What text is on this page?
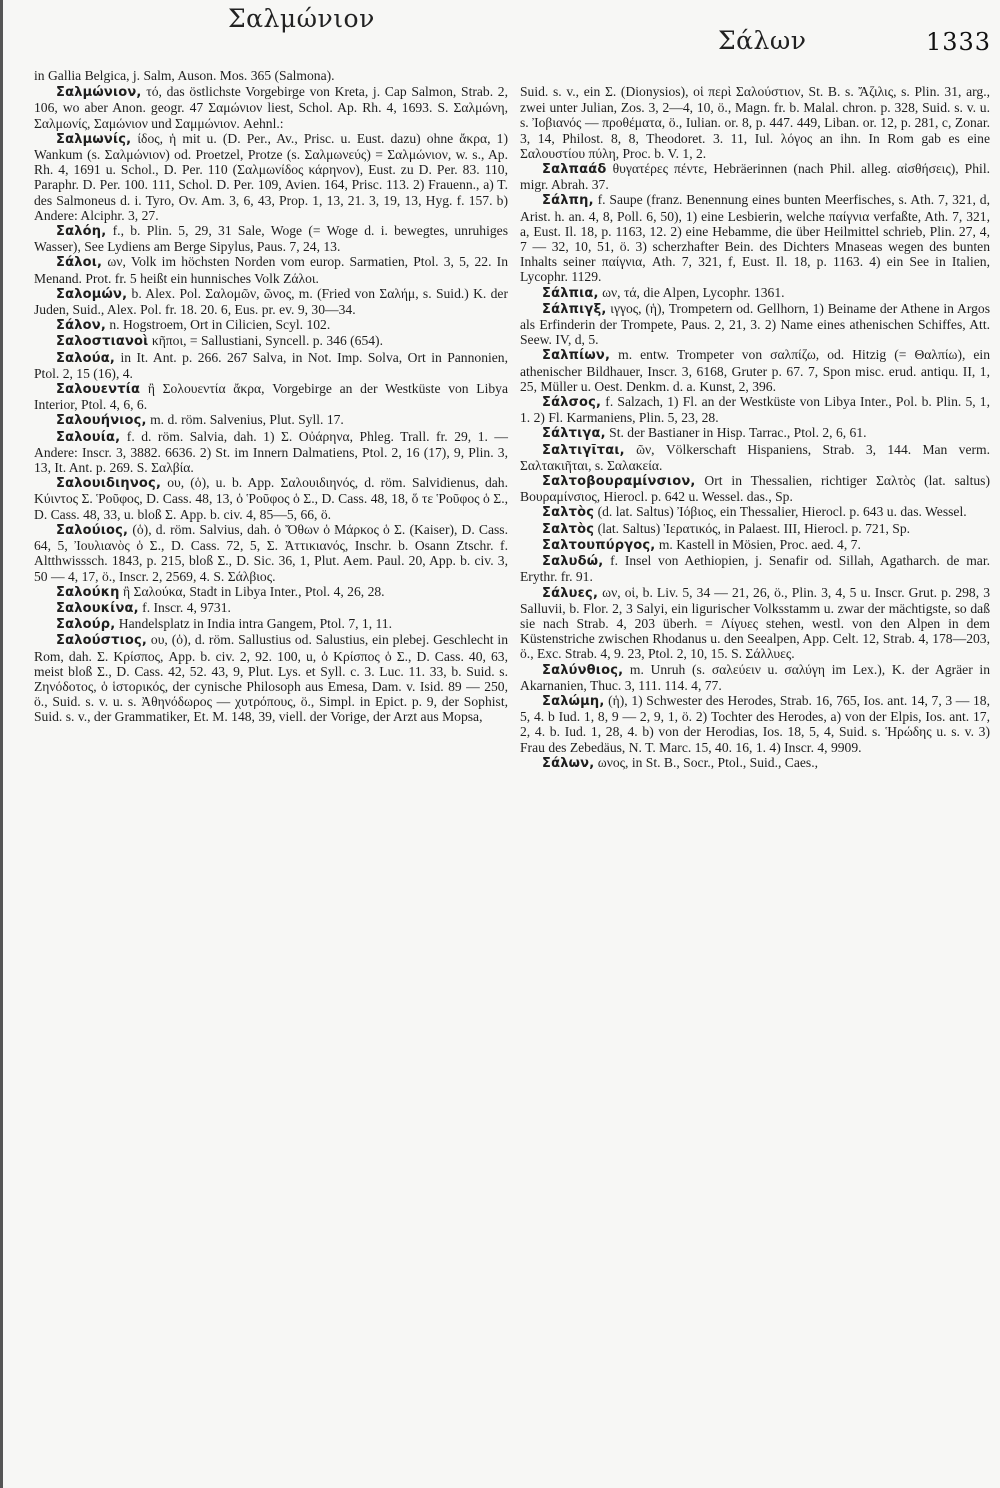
Σαλμώνιον
Σάλων	1333

in Gallia Belgica, j. Salm, Auson. Mos. 365 (Salmona).

Σαλμώνιον, τό, das östlichste Vorgebirge von Kreta, j. Cap Salmon, Strab. 2, 106, wo aber Anon. geogr. 47 Σαμώνιον liest, Schol. Ap. Rh. 4, 1693. S. Σαλμώνη, Σαλμωνίς, Σαμώνιον und Σαμμώνιον. Aehnl.:

Σαλμωνίς, ίδος, ἡ mit u. (D. Per., Av., Prisc. u. Eust. dazu) ohne ἄκρα, 1) Wankum (s. Σαλμώνιον) od. Proetzel, Protze (s. Σαλμωνεύς) = Σαλμώνιον, w. s., Ap. Rh. 4, 1691 u. Schol., D. Per. 110 (Σαλμωνίδος κάρηνον), Eust. zu D. Per. 83. 110, Paraphr. D. Per. 100. 111, Schol. D. Per. 109, Avien. 164, Prisc. 113. 2) Frauenn., a) T. des Salmoneus d. i. Tyro, Ov. Am. 3, 6, 43, Prop. 1, 13, 21. 3, 19, 13, Hyg. f. 157. b) Andere: Alciphr. 3, 27.

Σαλόη, f., b. Plin. 5, 29, 31 Sale, Woge (= Woge d. i. bewegtes, unruhiges Wasser), See Lydiens am Berge Sipylus, Paus. 7, 24, 13.

Σάλοι, ων, Volk im höchsten Norden vom europ. Sarmatien, Ptol. 3, 5, 22. In Menand. Prot. fr. 5 heißt ein hunnisches Volk Ζάλοι.

Σαλομών, b. Alex. Pol. Σαλομῶν, ῶνος, m. (Fried von Σαλήμ, s. Suid.) K. der Juden, Suid., Alex. Pol. fr. 18. 20. 6, Eus. pr. ev. 9, 30—34.

Σάλον, n. Hogstroem, Ort in Cilicien, Scyl. 102.

Σαλοστιανοὶ κῆποι, = Sallustiani, Syncell. p. 346 (654).

Σαλούα, in It. Ant. p. 266. 267 Salva, in Not. Imp. Solva, Ort in Pannonien, Ptol. 2, 15 (16), 4.

Σαλουεντία ἢ Σολουεντία ἄκρα, Vorgebirge an der Westküste von Libya Interior, Ptol. 4, 6, 6.

Σαλουήνιος, m. d. röm. Salvenius, Plut. Syll. 17.

Σαλουία, f. d. röm. Salvia, dah. 1) Σ. Οὐάρηνα, Phleg. Trall. fr. 29, 1. — Andere: Inscr. 3, 3882. 6636. 2) St. im Innern Dalmatiens, Ptol. 2, 16 (17), 9, Plin. 3, 13, It. Ant. p. 269. S. Σαλβία.

Σαλουιδιηνος, ου, (ὁ), u. b. App. Σαλουιδιηνός, d. röm. Salvidienus, dah. Κύιντος Σ. Ῥοῦφος, D. Cass. 48, 13, ὁ Ῥοῦφος ὁ Σ., D. Cass. 48, 18, ὅ τε Ῥοῦφος ὁ Σ., D. Cass. 48, 33, u. bloß Σ. App. b. civ. 4, 85—5, 66, ö.

Σαλούιος, (ὁ), d. röm. Salvius, dah. ὁ Ὄθων ὁ Μάρκος ὁ Σ. (Kaiser), D. Cass. 64, 5, Ἰουλιανὸς ὁ Σ., D. Cass. 72, 5, Σ. Ἀττικιανός, Inschr. b. Osann Ztschr. f. Altthwisssch. 1843, p. 215, bloß Σ., D. Sic. 36, 1, Plut. Aem. Paul. 20, App. b. civ. 3, 50 — 4, 17, ö., Inscr. 2, 2569, 4. S. Σάλβιος.

Σαλούκη ἢ Σαλούκα, Stadt in Libya Inter., Ptol. 4, 26, 28.

Σαλουκίνα, f. Inscr. 4, 9731.

Σαλούρ, Handelsplatz in India intra Gangem, Ptol. 7, 1, 11.

Σαλούστιος, ου, (ὁ), d. röm. Sallustius od. Salustius, ein plebej. Geschlecht in Rom, dah. Σ. Κρίσπος, App. b. civ. 2, 92. 100, u, ὁ Κρίσπος ὁ Σ., D. Cass. 40, 63, meist bloß Σ., D. Cass. 42, 52. 43, 9, Plut. Lys. et Syll. c. 3. Luc. 11. 33, b. Suid. s. Ζηνόδοτος, ὁ ἱστορικός, der cynische Philosoph aus Emesa, Dam. v. Isid. 89 — 250, ö., Suid. s. v. u. s. Ἀθηνόδωρος — χυτρόπους, ö., Simpl. in Epict. p. 9, der Sophist, Suid. s. v., der Grammatiker, Et. M. 148, 39, viell. der Vorige, der Arzt aus Mopsa,

Suid. s. v., ein Σ. (Dionysios), οἱ περὶ Σαλούστιον, St. B. s. Ἄζιλις, s. Plin. 31, arg., zwei unter Julian, Zos. 3, 2—4, 10, ö., Magn. fr. b. Malal. chron. p. 328, Suid. s. v. u. s. Ἰοβιανός — προθέματα, ö., Iulian. or. 8, p. 447. 449, Liban. or. 12, p. 281, c, Zonar. 3, 14, Philost. 8, 8, Theodoret. 3. 11, Iul. λόγος an ihn. In Rom gab es eine Σαλουστίου πύλη, Proc. b. V. 1, 2.

Σαλπαάδ θυγατέρες πέντε, Hebräerinnen (nach Phil. alleg. αἰσθήσεις), Phil. migr. Abrah. 37.

Σάλπη, f. Saupe (franz. Benennung eines bunten Meerfisches, s. Ath. 7, 321, d, Arist. h. an. 4, 8, Poll. 6, 50), 1) eine Lesbierin, welche παίγνια verfaßte, Ath. 7, 321, a, Eust. Il. 18, p. 1163, 12. 2) eine Hebamme, die über Heilmittel schrieb, Plin. 27, 4, 7 — 32, 10, 51, ö. 3) scherzhafter Bein. des Dichters Mnaseas wegen des bunten Inhalts seiner παίγνια, Ath. 7, 321, f, Eust. Il. 18, p. 1163. 4) ein See in Italien, Lycophr. 1129.

Σάλπια, ων, τά, die Alpen, Lycophr. 1361.

Σάλπιγξ, ιγγος, (ἡ), Trompetern od. Gellhorn, 1) Beiname der Athene in Argos als Erfinderin der Trompete, Paus. 2, 21, 3. 2) Name eines athenischen Schiffes, Att. Seew. IV, d, 5.

Σαλπίων, m. entw. Trompeter von σαλπίζω, od. Hitzig (= Θαλπίω), ein athenischer Bildhauer, Inscr. 3, 6168, Gruter p. 67. 7, Spon misc. erud. antiqu. II, 1, 25, Müller u. Oest. Denkm. d. a. Kunst, 2, 396.

Σάλσος, f. Salzach, 1) Fl. an der Westküste von Libya Inter., Pol. b. Plin. 5, 1, 1. 2) Fl. Karmaniens, Plin. 5, 23, 28.

Σάλτιγα, St. der Bastianer in Hisp. Tarrac., Ptol. 2, 6, 61.

Σαλτιγῖται, ῶν, Völkerschaft Hispaniens, Strab. 3, 144. Man verm. Σαλτακιῆται, s. Σαλακεία.

Σαλτοβουραμίνσιον, Ort in Thessalien, richtiger Σαλτὸς (lat. saltus) Βουραμίνσιος, Hierocl. p. 642 u. Wessel. das., Sp.

Σαλτὸς (d. lat. Saltus) Ἰόβιος, ein Thessalier, Hierocl. p. 643 u. das. Wessel.

Σαλτὸς (lat. Saltus) Ἱερατικός, in Palaest. III, Hierocl. p. 721, Sp.

Σαλτουπύργος, m. Kastell in Mösien, Proc. aed. 4, 7.

Σαλυδώ, f. Insel von Aethiopien, j. Senafir od. Sillah, Agatharch. de mar. Erythr. fr. 91.

Σάλυες, ων, οἱ, b. Liv. 5, 34 — 21, 26, ö., Plin. 3, 4, 5 u. Inscr. Grut. p. 298, 3 Salluvii, b. Flor. 2, 3 Salyi, ein ligurischer Volksstamm u. zwar der mächtigste, so daß sie nach Strab. 4, 203 überh. = Λίγυες stehen, westl. von den Alpen in dem Küstenstriche zwischen Rhodanus u. den Seealpen, App. Celt. 12, Strab. 4, 178—203, ö., Exc. Strab. 4, 9. 23, Ptol. 2, 10, 15. S. Σάλλυες.

Σαλύνθιος, m. Unruh (s. σαλεύειν u. σαλύγη im Lex.), K. der Agräer in Akarnanien, Thuc. 3, 111. 114. 4, 77.

Σαλώμη, (ἡ), 1) Schwester des Herodes, Strab. 16, 765, Ios. ant. 14, 7, 3 — 18, 5, 4. b Iud. 1, 8, 9 — 2, 9, 1, ö. 2) Tochter des Herodes, a) von der Elpis, Ios. ant. 17, 2, 4. b. Iud. 1, 28, 4. b) von der Herodias, Ios. 18, 5, 4, Suid. s. Ἡρώδης u. s. v. 3) Frau des Zebedäus, N. T. Marc. 15, 40. 16, 1. 4) Inscr. 4, 9909.

Σάλων, ωνος, in St. B., Socr., Ptol., Suid., Caes.,
